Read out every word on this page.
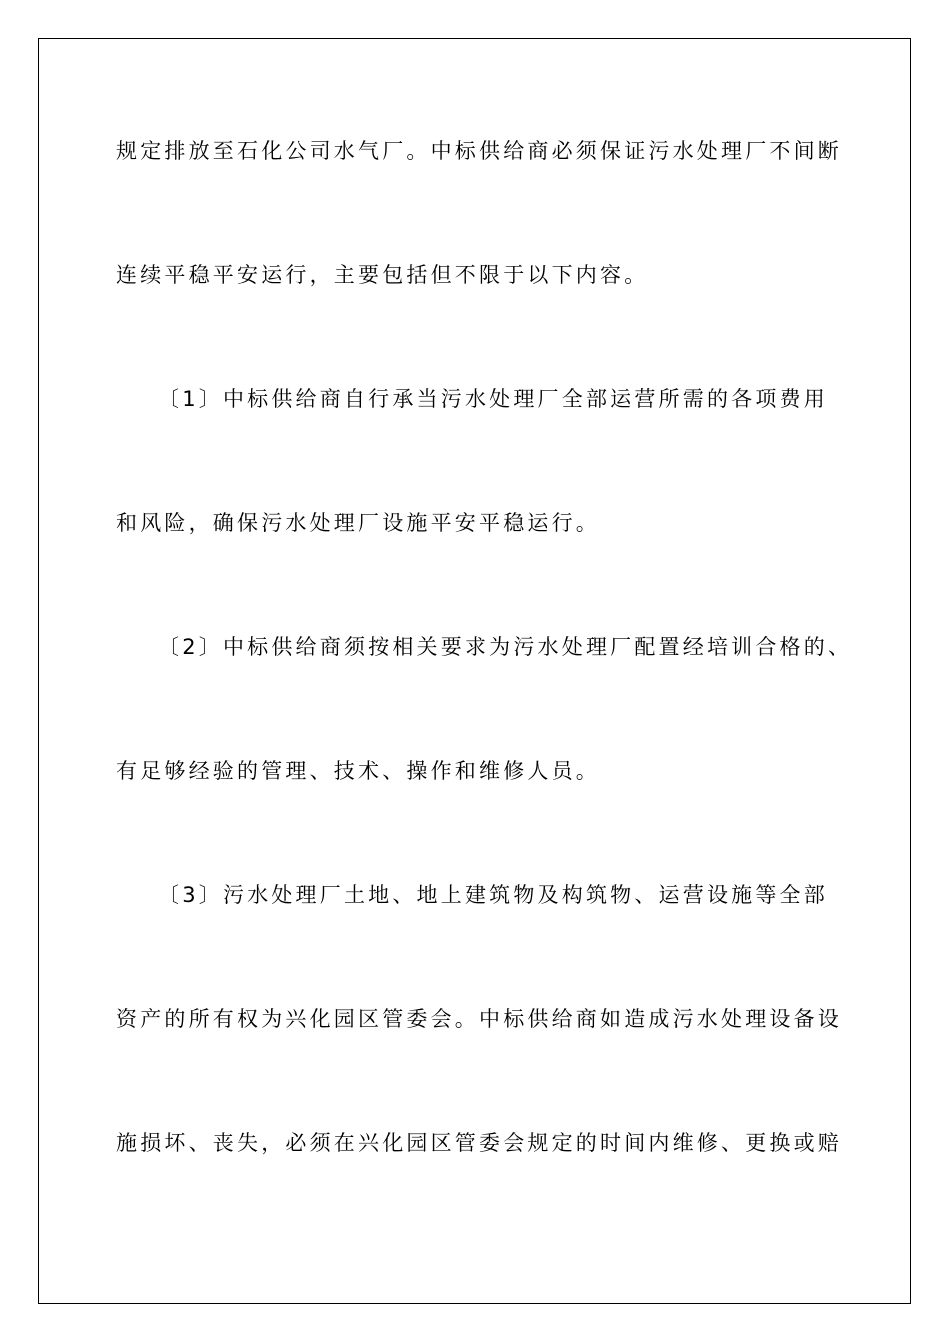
规定排放至石化公司水气厂。中标供给商必须保证污水处理厂不间断
连续平稳平安运行，主要包括但不限于以下内容。
〔1〕中标供给商自行承当污水处理厂全部运营所需的各项费用
和风险，确保污水处理厂设施平安平稳运行。
〔2〕中标供给商须按相关要求为污水处理厂配置经培训合格的、
有足够经验的管理、技术、操作和维修人员。
〔3〕污水处理厂土地、地上建筑物及构筑物、运营设施等全部
资产的所有权为兴化园区管委会。中标供给商如造成污水处理设备设
施损坏、丧失，必须在兴化园区管委会规定的时间内维修、更换或赔
